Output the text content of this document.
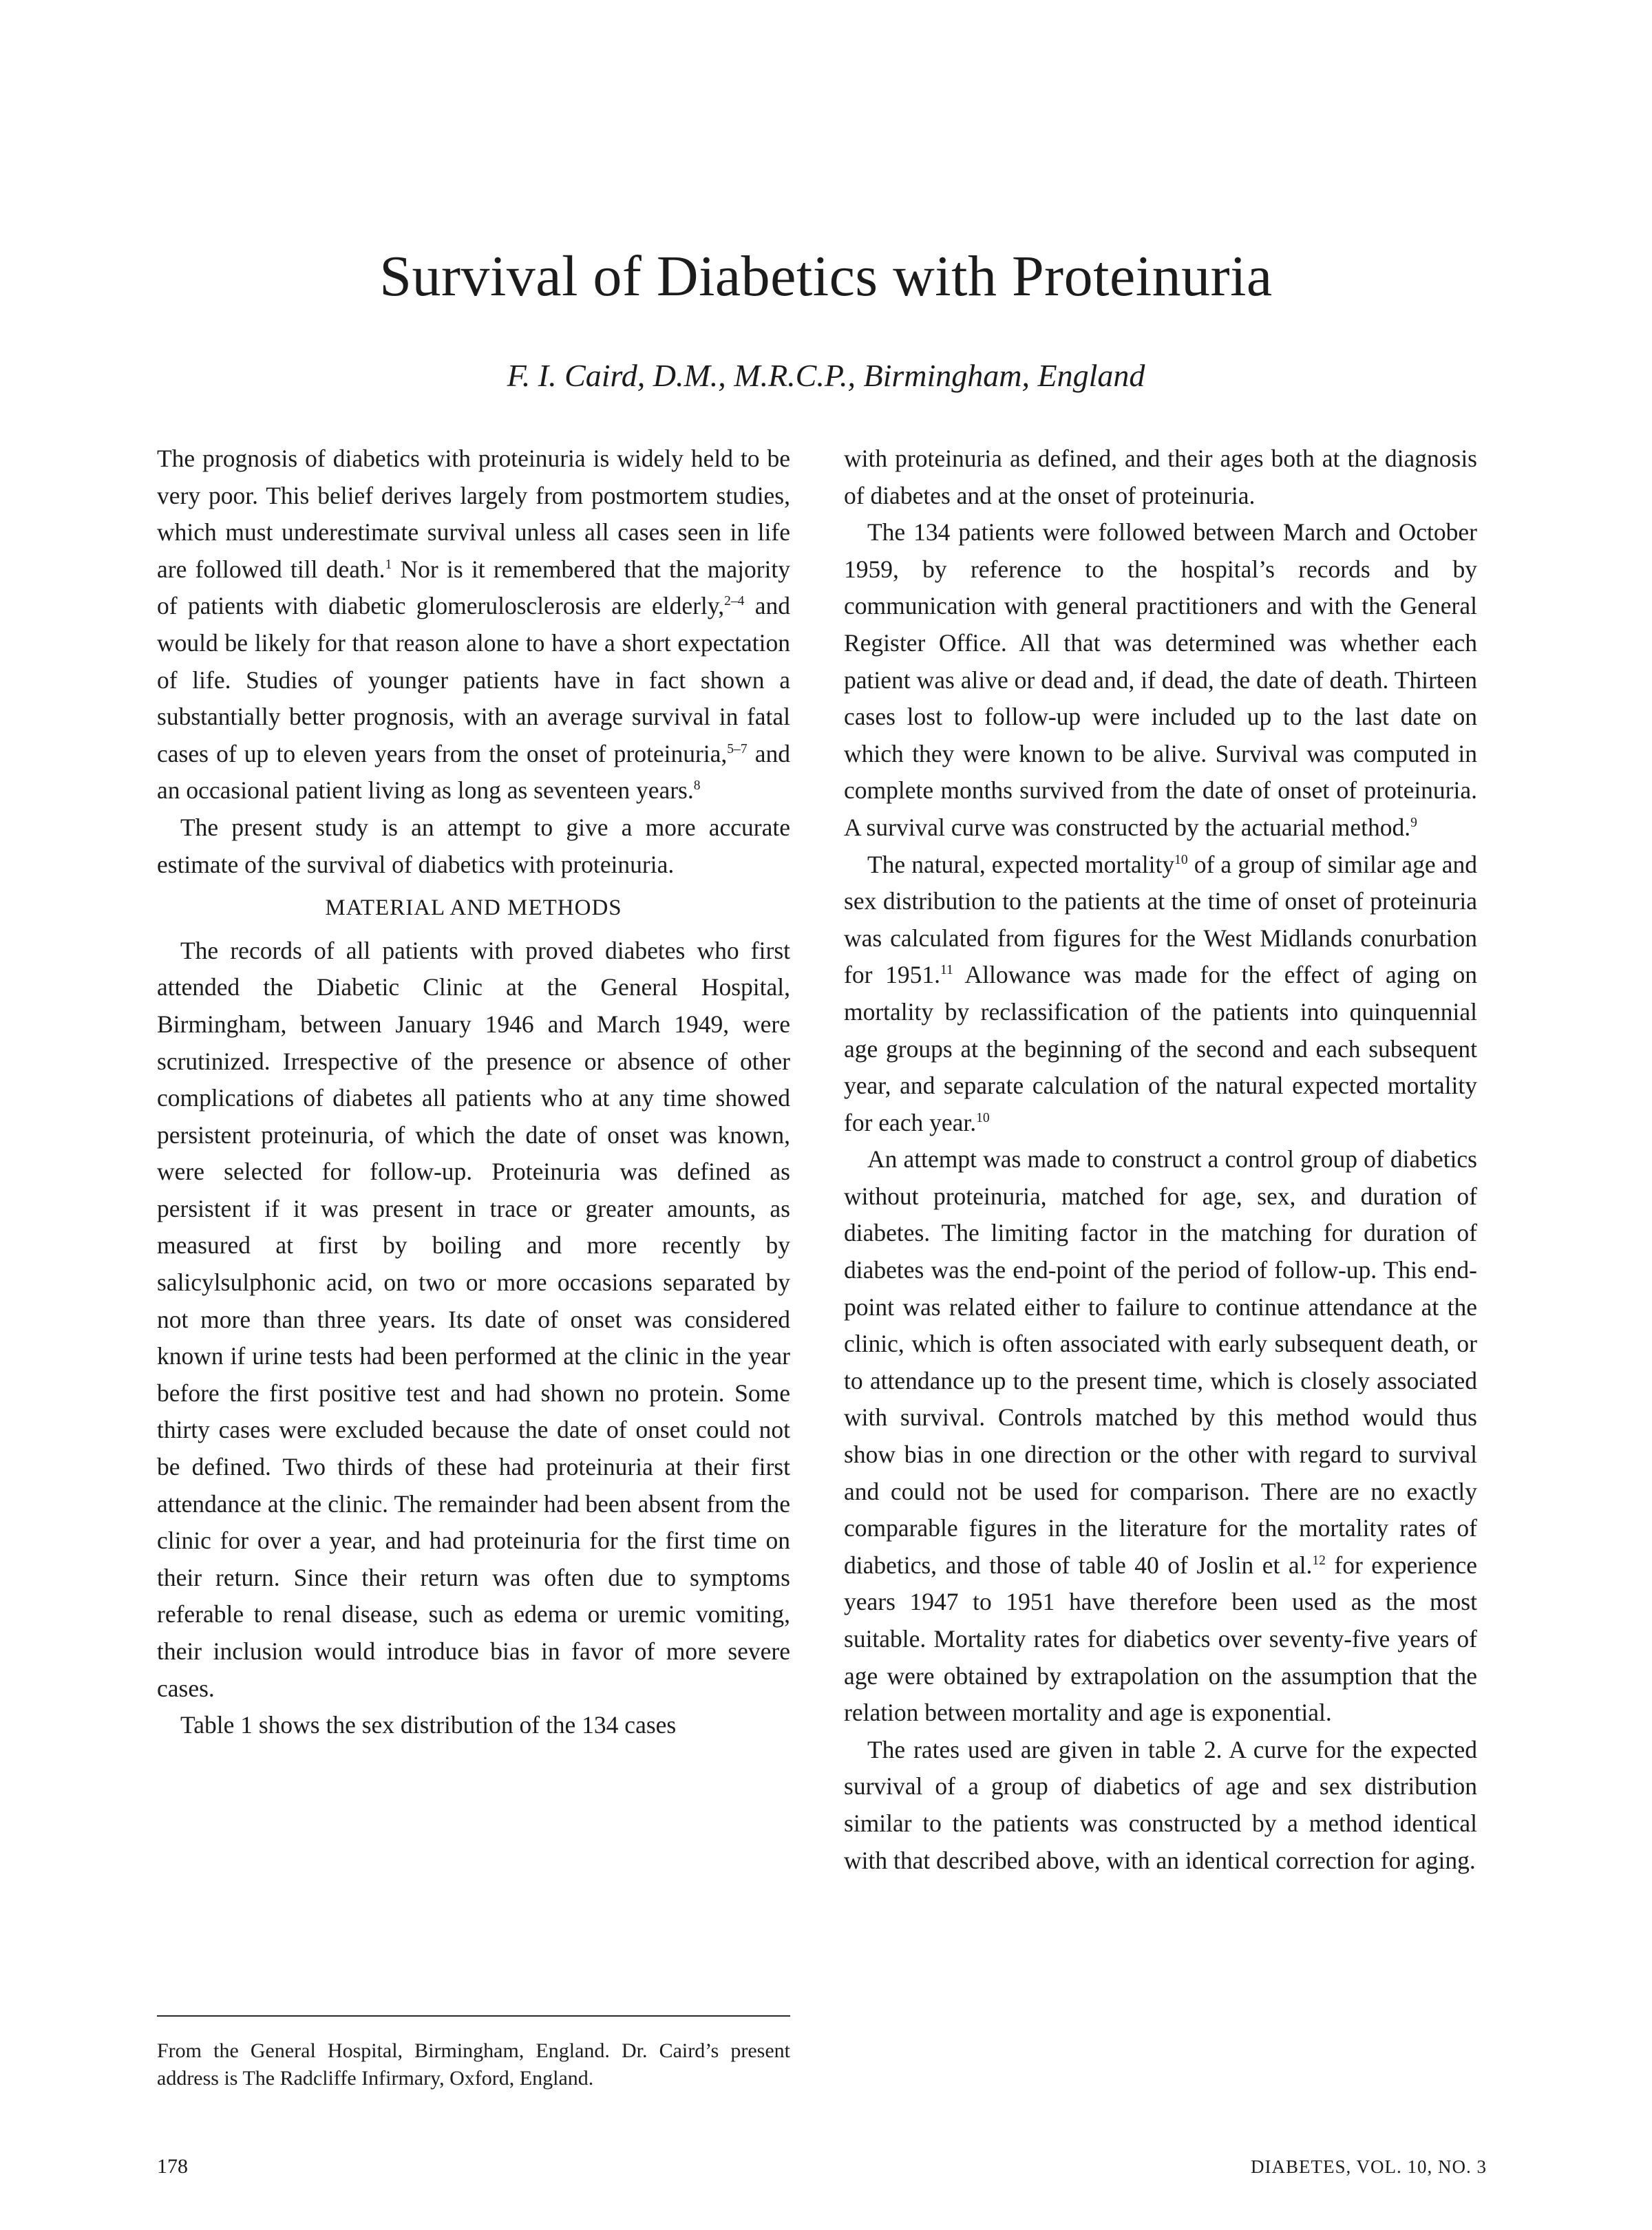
Survival of Diabetics with Proteinuria
F. I. Caird, D.M., M.R.C.P., Birmingham, England

The prognosis of diabetics with proteinuria is widely held to be very poor. This belief derives largely from postmortem studies, which must underestimate survival unless all cases seen in life are followed till death.$^1$ Nor is it remembered that the majority of patients with diabetic glomerulosclerosis are elderly,$^{2-4}$ and would be likely for that reason alone to have a short expectation of life. Studies of younger patients have in fact shown a substantially better prognosis, with an average survival in fatal cases of up to eleven years from the onset of proteinuria,$^{5-7}$ and an occasional patient living as long as seventeen years.$^8$

The present study is an attempt to give a more accurate estimate of the survival of diabetics with proteinuria.

MATERIAL AND METHODS

The records of all patients with proved diabetes who first attended the Diabetic Clinic at the General Hospital, Birmingham, between January 1946 and March 1949, were scrutinized. Irrespective of the presence or absence of other complications of diabetes all patients who at any time showed persistent proteinuria, of which the date of onset was known, were selected for follow-up. Proteinuria was defined as persistent if it was present in trace or greater amounts, as measured at first by boiling and more recently by salicylsulphonic acid, on two or more occasions separated by not more than three years. Its date of onset was considered known if urine tests had been performed at the clinic in the year before the first positive test and had shown no protein. Some thirty cases were excluded because the date of onset could not be defined. Two thirds of these had proteinuria at their first attendance at the clinic. The remainder had been absent from the clinic for over a year, and had proteinuria for the first time on their return. Since their return was often due to symptoms referable to renal disease, such as edema or uremic vomiting, their inclusion would introduce bias in favor of more severe cases.

Table 1 shows the sex distribution of the 134 cases

From the General Hospital, Birmingham, England. Dr. Caird’s present address is The Radcliffe Infirmary, Oxford, England.

with proteinuria as defined, and their ages both at the diagnosis of diabetes and at the onset of proteinuria.

The 134 patients were followed between March and October 1959, by reference to the hospital’s records and by communication with general practitioners and with the General Register Office. All that was determined was whether each patient was alive or dead and, if dead, the date of death. Thirteen cases lost to follow-up were included up to the last date on which they were known to be alive. Survival was computed in complete months survived from the date of onset of proteinuria. A survival curve was constructed by the actuarial method.$^9$

The natural, expected mortality$^{10}$ of a group of similar age and sex distribution to the patients at the time of onset of proteinuria was calculated from figures for the West Midlands conurbation for 1951.11 Allowance was made for the effect of aging on mortality by reclassification of the patients into quinquennial age groups at the beginning of the second and each subsequent year, and separate calculation of the natural expected mortality for each year.$^{10}$

An attempt was made to construct a control group of diabetics without proteinuria, matched for age, sex, and duration of diabetes. The limiting factor in the matching for duration of diabetes was the end-point of the period of follow-up. This end-point was related either to failure to continue attendance at the clinic, which is often associated with early subsequent death, or to attendance up to the present time, which is closely associated with survival. Controls matched by this method would thus show bias in one direction or the other with regard to survival and could not be used for comparison. There are no exactly comparable figures in the literature for the mortality rates of diabetics, and those of table 40 of Joslin et al.$^{12}$ for experience years 1947 to 1951 have therefore been used as the most suitable. Mortality rates for diabetics over seventy-five years of age were obtained by extrapolation on the assumption that the relation between mortality and age is exponential.

The rates used are given in table 2. A curve for the expected survival of a group of diabetics of age and sex distribution similar to the patients was constructed by a method identical with that described above, with an identical correction for aging.

178	DIABETES, VOL. 10, NO. 3
